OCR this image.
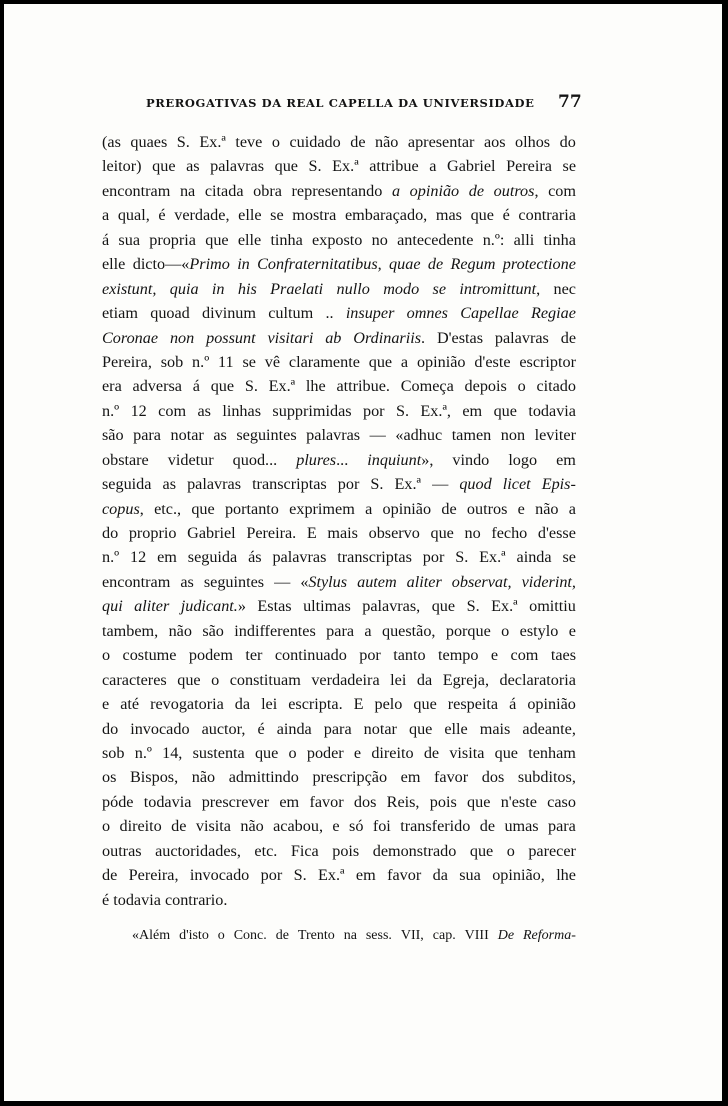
PREROGATIVAS DA REAL CAPELLA DA UNIVERSIDADE 77
(as quaes S. Ex.ª teve o cuidado de não apresentar aos olhos do
leitor) que as palavras que S. Ex.ª attribue a Gabriel Pereira se
encontram na citada obra representando a opinião de outros, com
a qual, é verdade, elle se mostra embaraçado, mas que é contraria
á sua propria que elle tinha exposto no antecedente n.º: alli tinha
elle dicto—«Primo in Confraternitatibus, quae de Regum protectione
existunt, quia in his Praelati nullo modo se intromittunt, nec
etiam quoad divinum cultum .. insuper omnes Capellae Regiae
Coronae non possunt visitari ab Ordinariis. D'estas palavras de
Pereira, sob n.º 11 se vê claramente que a opinião d'este escriptor
era adversa á que S. Ex.ª lhe attribue. Começa depois o citado
n.º 12 com as linhas supprimidas por S. Ex.ª, em que todavia
são para notar as seguintes palavras — «adhuc tamen non leviter
obstare videtur quod... plures... inquiunt», vindo logo em
seguida as palavras transcriptas por S. Ex.ª — quod licet Epis-
copus, etc., que portanto exprimem a opinião de outros e não a
do proprio Gabriel Pereira. E mais observo que no fecho d'esse
n.º 12 em seguida ás palavras transcriptas por S. Ex.ª ainda se
encontram as seguintes — «Stylus autem aliter observat, viderint,
qui aliter judicant.» Estas ultimas palavras, que S. Ex.ª omittiu
tambem, não são indifferentes para a questão, porque o estylo e
o costume podem ter continuado por tanto tempo e com taes
caracteres que o constituam verdadeira lei da Egreja, declaratoria
e até revogatoria da lei escripta. E pelo que respeita á opinião
do invocado auctor, é ainda para notar que elle mais adeante,
sob n.º 14, sustenta que o poder e direito de visita que tenham
os Bispos, não admittindo prescripção em favor dos subditos,
póde todavia prescrever em favor dos Reis, pois que n'este caso
o direito de visita não acabou, e só foi transferido de umas para
outras auctoridades, etc. Fica pois demonstrado que o parecer
de Pereira, invocado por S. Ex.ª em favor da sua opinião, lhe
é todavia contrario.
«Além d'isto o Conc. de Trento na sess. VII, cap. VIII De Reforma-
